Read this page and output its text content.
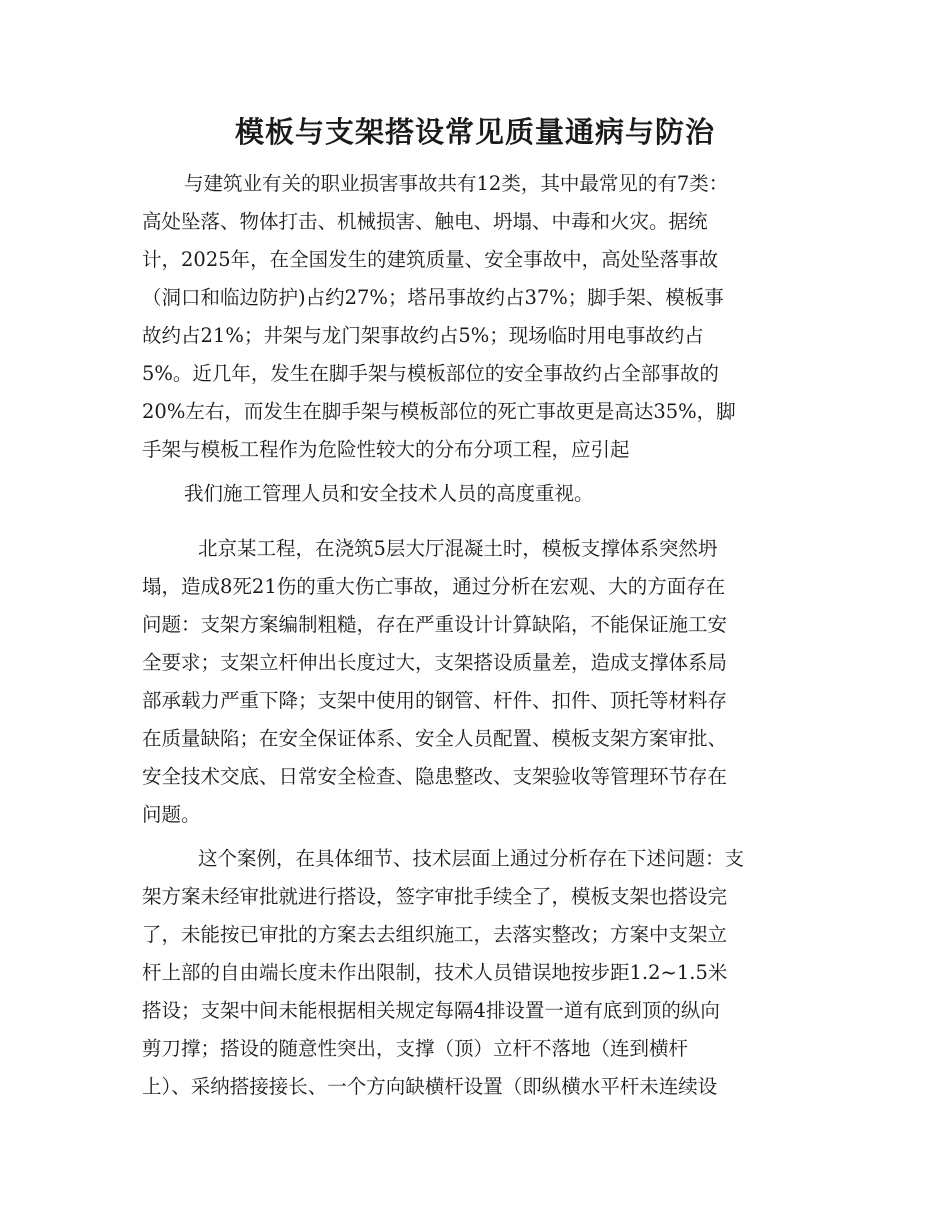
模板与支架搭设常见质量通病与防治
与建筑业有关的职业损害事故共有12类，其中最常见的有7类：
高处坠落、物体打击、机械损害、触电、坍塌、中毒和火灾。据统
计，2025年，在全国发生的建筑质量、安全事故中，高处坠落事故
（洞口和临边防护)占约27%；塔吊事故约占37%；脚手架、模板事
故约占21%；井架与龙门架事故约占5%；现场临时用电事故约占
5%。近几年，发生在脚手架与模板部位的安全事故约占全部事故的
20%左右，而发生在脚手架与模板部位的死亡事故更是高达35%，脚
手架与模板工程作为危险性较大的分布分项工程，应引起
我们施工管理人员和安全技术人员的高度重视。
北京某工程，在浇筑5层大厅混凝土时，模板支撑体系突然坍
塌，造成8死21伤的重大伤亡事故，通过分析在宏观、大的方面存在
问题：支架方案编制粗糙，存在严重设计计算缺陷，不能保证施工安
全要求；支架立杆伸出长度过大，支架搭设质量差，造成支撑体系局
部承载力严重下降；支架中使用的钢管、杆件、扣件、顶托等材料存
在质量缺陷；在安全保证体系、安全人员配置、模板支架方案审批、
安全技术交底、日常安全检查、隐患整改、支架验收等管理环节存在
问题。
这个案例，在具体细节、技术层面上通过分析存在下述问题：支
架方案未经审批就进行搭设，签字审批手续全了，模板支架也搭设完
了，未能按已审批的方案去去组织施工，去落实整改；方案中支架立
杆上部的自由端长度未作出限制，技术人员错误地按步距1.2~1.5米
搭设；支架中间未能根据相关规定每隔4排设置一道有底到顶的纵向
剪刀撑；搭设的随意性突出，支撑（顶）立杆不落地（连到横杆
上）、采纳搭接接长、一个方向缺横杆设置（即纵横水平杆未连续设
